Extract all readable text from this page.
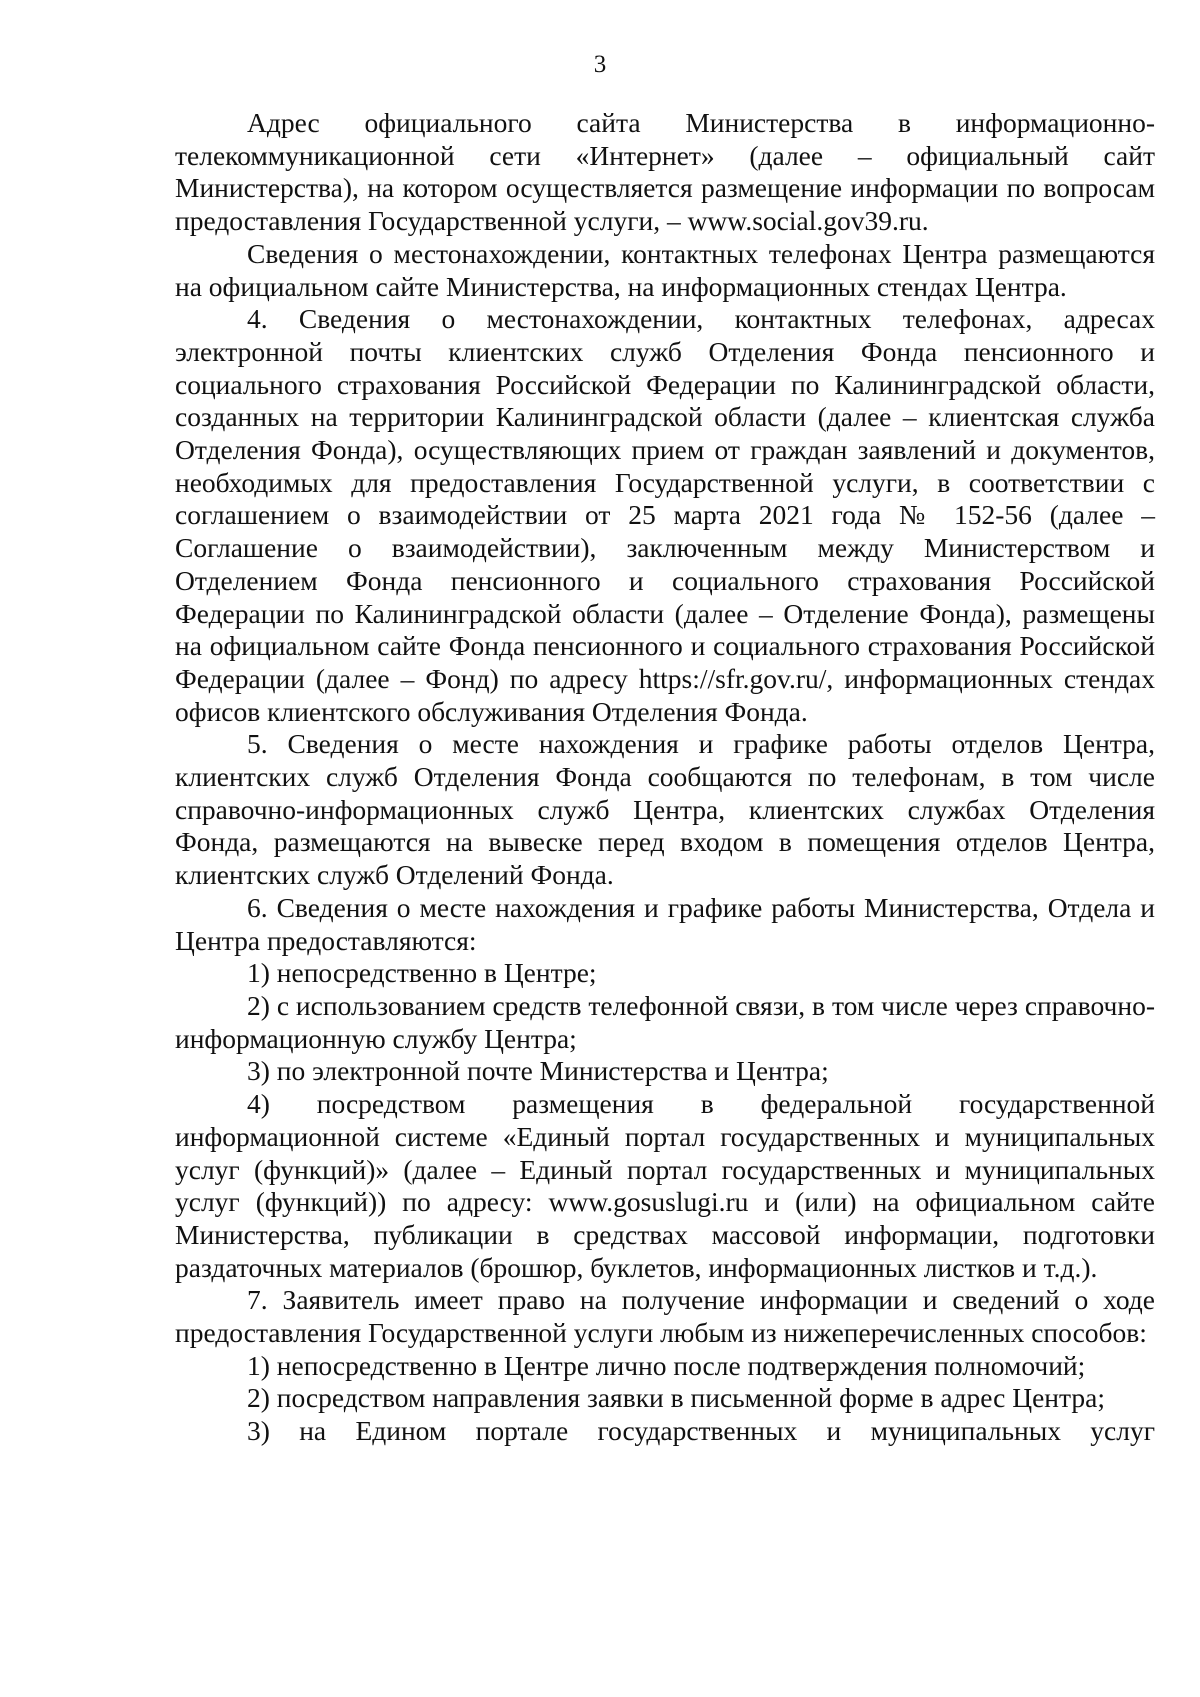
3

Адрес официального сайта Министерства в информационно-телекоммуникационной сети «Интернет» (далее – официальный сайт Министерства), на котором осуществляется размещение информации по вопросам предоставления Государственной услуги, – www.social.gov39.ru.

Сведения о местонахождении, контактных телефонах Центра размещаются на официальном сайте Министерства, на информационных стендах Центра.

4. Сведения о местонахождении, контактных телефонах, адресах электронной почты клиентских служб Отделения Фонда пенсионного и социального страхования Российской Федерации по Калининградской области, созданных на территории Калининградской области (далее – клиентская служба Отделения Фонда), осуществляющих прием от граждан заявлений и документов, необходимых для предоставления Государственной услуги, в соответствии с соглашением о взаимодействии от 25 марта 2021 года № 152-56 (далее – Соглашение о взаимодействии), заключенным между Министерством и Отделением Фонда пенсионного и социального страхования Российской Федерации по Калининградской области (далее – Отделение Фонда), размещены на официальном сайте Фонда пенсионного и социального страхования Российской Федерации (далее – Фонд) по адресу https://sfr.gov.ru/, информационных стендах офисов клиентского обслуживания Отделения Фонда.

5. Сведения о месте нахождения и графике работы отделов Центра, клиентских служб Отделения Фонда сообщаются по телефонам, в том числе справочно-информационных служб Центра, клиентских службах Отделения Фонда, размещаются на вывеске перед входом в помещения отделов Центра, клиентских служб Отделений Фонда.

6. Сведения о месте нахождения и графике работы Министерства, Отдела и Центра предоставляются:

1) непосредственно в Центре;

2) с использованием средств телефонной связи, в том числе через справочно-информационную службу Центра;

3) по электронной почте Министерства и Центра;

4) посредством размещения в федеральной государственной информационной системе «Единый портал государственных и муниципальных услуг (функций)» (далее – Единый портал государственных и муниципальных услуг (функций)) по адресу: www.gosuslugi.ru и (или) на официальном сайте Министерства, публикации в средствах массовой информации, подготовки раздаточных материалов (брошюр, буклетов, информационных листков и т.д.).

7. Заявитель имеет право на получение информации и сведений о ходе предоставления Государственной услуги любым из нижеперечисленных способов:

1) непосредственно в Центре лично после подтверждения полномочий;

2) посредством направления заявки в письменной форме в адрес Центра;

3) на Едином портале государственных и муниципальных услуг
